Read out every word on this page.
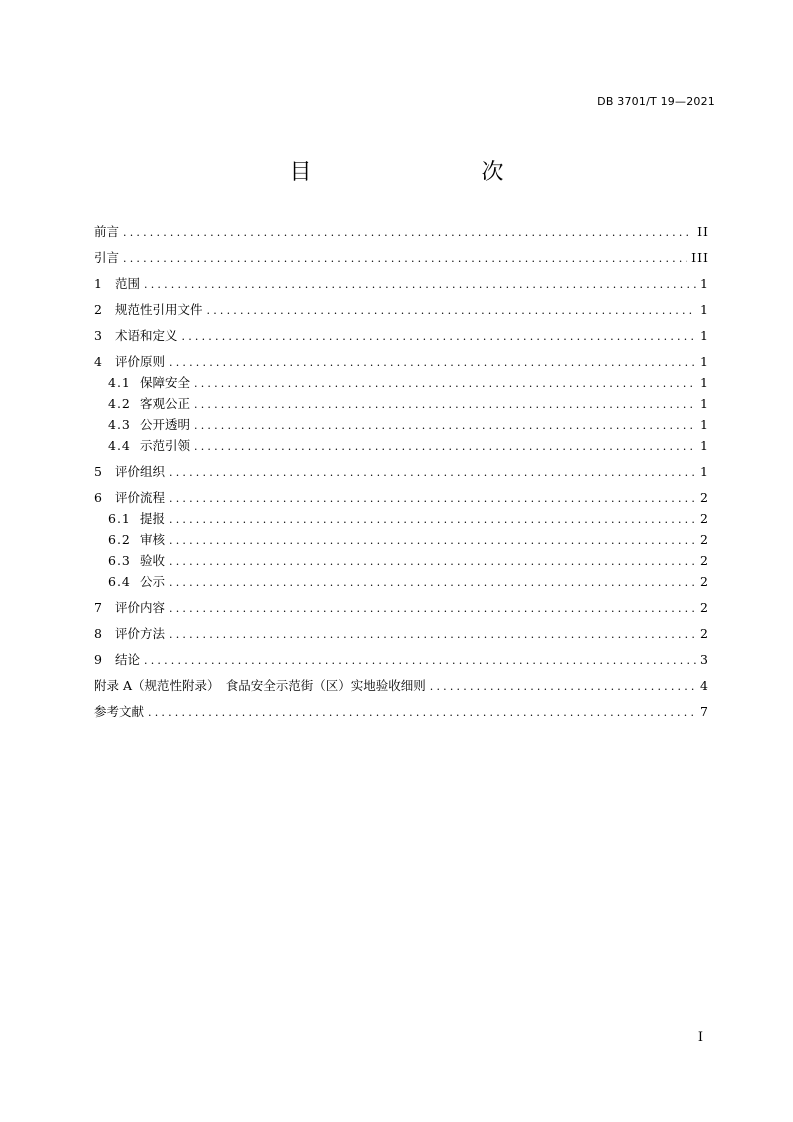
DB 3701/T 19—2021
目　　次
前言 .....	II
引言 .....	III
1	范围 .....	1
2	规范性引用文件 .....	1
3	术语和定义 .....	1
4	评价原则 .....	1
4.1 保障安全 .....	1
4.2 客观公正 .....	1
4.3 公开透明 .....	1
4.4 示范引领 .....	1
5	评价组织 .....	1
6	评价流程 .....	2
6.1 提报 .....	2
6.2 审核 .....	2
6.3 验收 .....	2
6.4 公示 .....	2
7	评价内容 .....	2
8	评价方法 .....	2
9	结论 .....	3
附录 A（规范性附录）　食品安全示范街（区）实地验收细则 .....	4
参考文献 .....	7
I
